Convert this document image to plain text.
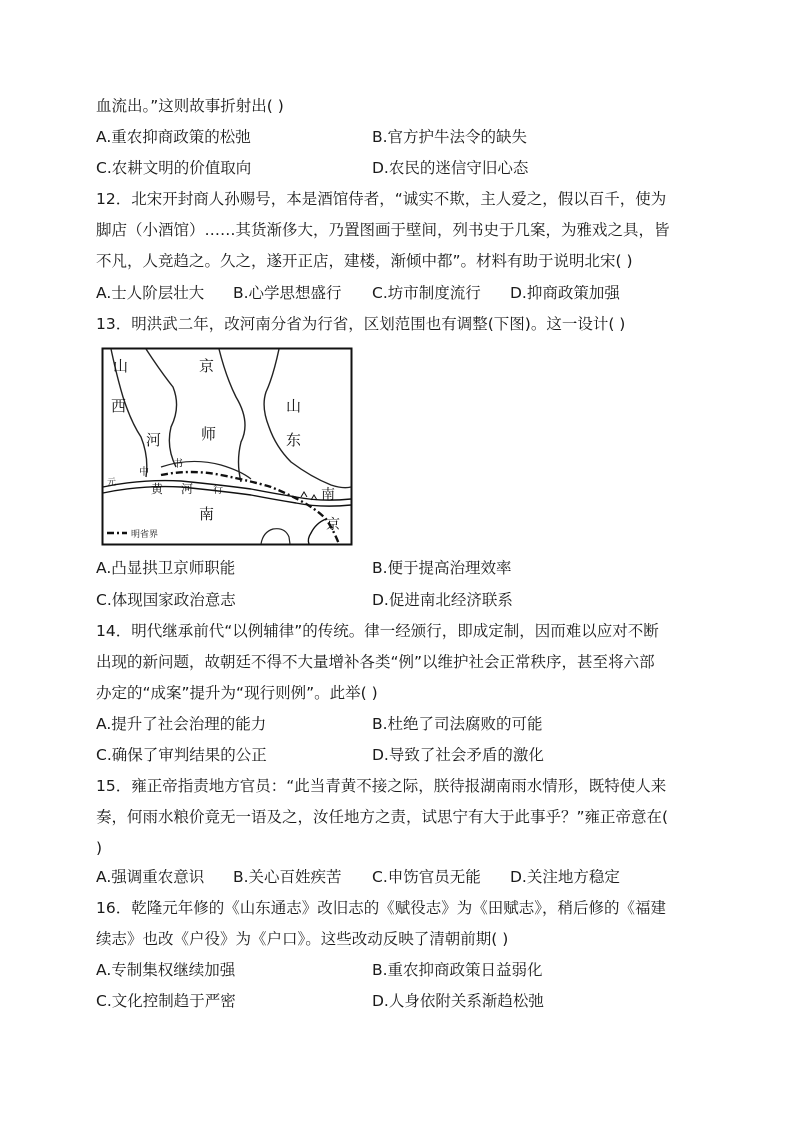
血流出。”这则故事折射出( )
A.重农抑商政策的松弛	B.官方护牛法令的缺失
C.农耕文明的价值取向	D.农民的迷信守旧心态
12．北宋开封商人孙赐号，本是酒馆侍者，“诚实不欺，主人爱之，假以百千，使为
脚店（小酒馆）……其货渐侈大，乃置图画于壁间，列书史于几案，为雅戏之具，皆
不凡，人竞趋之。久之，遂开正店，建楼，渐倾中都”。材料有助于说明北宋( )
A.士人阶层壮大 B.心学思想盛行 C.坊市制度流行 D.抑商政策加强
13．明洪武二年，改河南分省为行省，区划范围也有调整(下图)。这一设计( )
山
西
京
山
东
河	师
中
书
元	黄 河 行
南
南
京
明省界
A.凸显拱卫京师职能	B.便于提高治理效率
C.体现国家政治意志	D.促进南北经济联系
14．明代继承前代“以例辅律”的传统。律一经颁行，即成定制，因而难以应对不断
出现的新问题，故朝廷不得不大量增补各类“例”以维护社会正常秩序，甚至将六部
办定的“成案”提升为“现行则例”。此举( )
A.提升了社会治理的能力	B.杜绝了司法腐败的可能
C.确保了审判结果的公正	D.导致了社会矛盾的激化
15．雍正帝指责地方官员：“此当青黄不接之际，朕待报湖南雨水情形，既特使人来
奏，何雨水粮价竟无一语及之，汝任地方之责，试思宁有大于此事乎？”雍正帝意在(
)
A.强调重农意识 B.关心百姓疾苦 C.申饬官员无能 D.关注地方稳定
16．乾隆元年修的《山东通志》改旧志的《赋役志》为《田赋志》，稍后修的《福建
续志》也改《户役》为《户口》。这些改动反映了清朝前期( )
A.专制集权继续加强	B.重农抑商政策日益弱化
C.文化控制趋于严密	D.人身依附关系渐趋松弛
